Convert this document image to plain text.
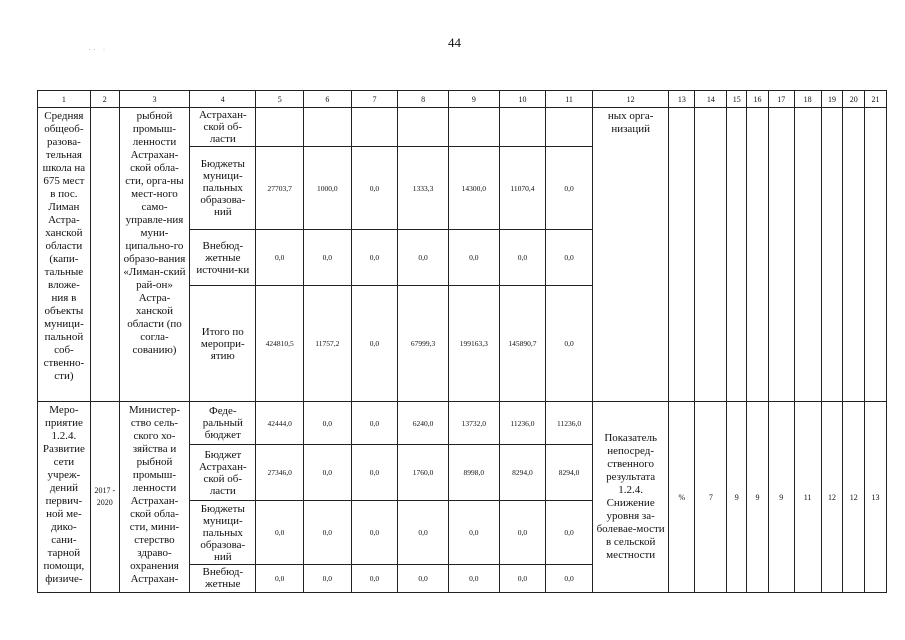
44
·· ·
1	2	3	4	5	6	7	8	9	10	11	12	13	14	15	16	17	18	19	20	21
Средняя общеоб-разова-тельная школа на 675 мест в пос. Лиман Астра-ханской области (капи-тальные вложе-ния в объекты муници-пальной соб-ственно-сти)		рыбной промыш-ленности Астрахан-ской обла-сти, орга-ны мест-ного само-управле-ния муни-ципально-го образо-вания «Лиман-ский рай-он» Астра-ханской области (по согла-сованию)	Астрахан-ской об-ласти								ных орга-низаций									
			Бюджеты муници-пальных образова-ний	27703,7	1000,0	0,0	1333,3	14300,0	11070,4	0,0										
			Внебюд-жетные источни-ки	0,0	0,0	0,0	0,0	0,0	0,0	0,0										
			Итого по меропри-ятию	424810,5	11757,2	0,0	67999,3	199163,3	145890,7	0,0										
Меро-приятие 1.2.4. Развитие сети учреж-дений первич-ной ме-дико-сани-тарной помощи, физиче-	2017 - 2020	Министер-ство сель-ского хо-зяйства и рыбной промыш-ленности Астрахан-ской обла-сти, мини-стерство здраво-охранения Астрахан-	Феде-ральный бюджет	42444,0	0,0	0,0	6240,0	13732,0	11236,0	11236,0	Показатель непосред-ственного результата 1.2.4. Снижение уровня за-болевае-мости в сельской местности	%	7	9	9	9	11	12	12	13
			Бюджет Астрахан-ской об-ласти	27346,0	0,0	0,0	1760,0	8998,0	8294,0	8294,0										
			Бюджеты муници-пальных образова-ний	0,0	0,0	0,0	0,0	0,0	0,0	0,0										
			Внебюд-жетные	0,0	0,0	0,0	0,0	0,0	0,0	0,0										
